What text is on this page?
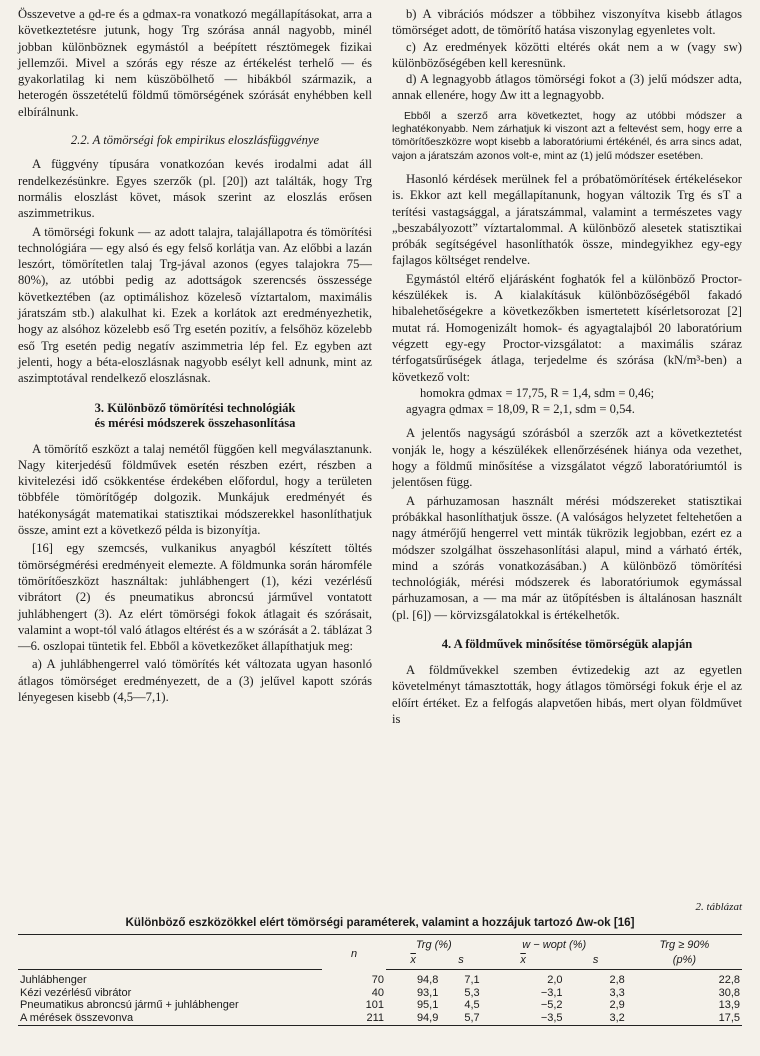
Összevetve a ϱd-re és a ϱdmax-ra vonatkozó megállapításokat, arra a következtetésre jutunk, hogy Trg szórása annál nagyobb, minél jobban különböznek egymástól a beépített résztömegek fizikai jellemzői. Mivel a szórás egy része az értékelést terhelő — és gyakorlatilag ki nem küszöbölhető — hibákból származik, a heterogén összetételű földmű tömörségének szórását enyhébben kell elbírálnunk.

2.2. A tömörségi fok empirikus eloszlásfüggvénye

A függvény típusára vonatkozóan kevés irodalmi adat áll rendelkezésünkre. Egyes szerzők (pl. [20]) azt találták, hogy Trg normális eloszlást követ, mások szerint az eloszlás erősen aszimmetrikus.

A tömörségi fokunk — az adott talajra, talajállapotra és tömörítési technológiára — egy alsó és egy felső korlátja van. Az előbbi a lazán leszórt, tömörítetlen talaj Trg-jával azonos (egyes talajokra 75—80%), az utóbbi pedig az adottságok szerencsés összessége következtében (az optimálishoz közelesõ víztartalom, maximális járatszám stb.) alakulhat ki. Ezek a korlátok azt eredményezhetik, hogy az alsóhoz közelebb eső Trg esetén pozitív, a felsőhöz közelebb eső Trg esetén pedig negatív aszimmetria lép fel. Ez egyben azt jelenti, hogy a béta-eloszlásnak nagyobb esélyt kell adnunk, mint az aszimptotával rendelkező eloszlásnak.

3. Különböző tömörítési technológiák
és mérési módszerek összehasonlítása

A tömörítő eszközt a talaj nemétől függően kell megválasztanunk. Nagy kiterjedésű földművek esetén részben ezért, részben a kivitelezési idő csökkentése érdekében előfordul, hogy a területen többféle tömörítőgép dolgozik. Munkájuk eredményét és hatékonyságát matematikai statisztikai módszerekkel hasonlíthatjuk össze, amint ezt a következő példa is bizonyítja.

[16] egy szemcsés, vulkanikus anyagból készített töltés tömörségmérési eredményeit elemezte. A földmunka során háromféle tömörítőeszközt használtak: juhlábhengert (1), kézi vezérlésű vibrátort (2) és pneumatikus abroncsú járművel vontatott juhlábhengert (3). Az elért tömörségi fokok átlagait és szórásait, valamint a wopt-tól való átlagos eltérést és a w szórását a 2. táblázat 3—6. oszlopai tüntetik fel. Ebből a következőket állapíthatjuk meg:

a) A juhlábhengerrel való tömörítés két változata ugyan hasonló átlagos tömörséget eredményezett, de a (3) jelűvel kapott szórás lényegesen kisebb (4,5—7,1).

b) A vibrációs módszer a többihez viszonyítva kisebb átlagos tömörséget adott, de tömörítő hatása viszonylag egyenletes volt.

c) Az eredmények közötti eltérés okát nem a w (vagy sw) különbözőségében kell keresnünk.

d) A legnagyobb átlagos tömörségi fokot a (3) jelű módszer adta, annak ellenére, hogy Δw itt a legnagyobb.

Ebből a szerző arra következtet, hogy az utóbbi módszer a leghatékonyabb. Nem zárhatjuk ki viszont azt a feltevést sem, hogy erre a tömörítőeszközre wopt kisebb a laboratóriumi értékénél, és arra sincs adat, vajon a járatszám azonos volt-e, mint az (1) jelű módszer esetében.

Hasonló kérdések merülnek fel a próbatömörítések értékelésekor is. Ekkor azt kell megállapítanunk, hogyan változik Trg és sT a terítési vastagsággal, a járatszámmal, valamint a természetes vagy „beszabályozott” víztartalommal. A különböző alesetek statisztikai próbák segítségével hasonlíthatók össze, mindegyikhez egy-egy fajlagos költséget rendelve.

Egymástól eltérő eljárásként foghatók fel a különböző Proctor-készülékek is. A kialakításuk különbözőségéből fakadó hibalehetőségekre a következőkben ismertetett kísérletsorozat [2] mutat rá. Homogenizált homok- és agyagtalajból 20 laboratórium végzett egy-egy Proctor-vizsgálatot: a maximális száraz térfogatsűrűségek átlaga, terjedelme és szórása (kN/m³-ben) a következő volt:

homokra ϱdmax = 17,75, R = 1,4, sdm = 0,46;

agyagra ϱdmax = 18,09, R = 2,1, sdm = 0,54.

A jelentős nagyságú szórásból a szerzők azt a következtetést vonják le, hogy a készülékek ellenőrzésének hiánya oda vezethet, hogy a földmű minősítése a vizsgálatot végző laboratóriumtól is jelentősen függ.

A párhuzamosan használt mérési módszereket statisztikai próbákkal hasonlíthatjuk össze. (A valóságos helyzetet feltehetően a nagy átmérőjű hengerrel vett minták tükrözik legjobban, ezért ez a módszer szolgálhat összehasonlítási alapul, mind a várható érték, mind a szórás vonatkozásában.) A különböző tömörítési technológiák, mérési módszerek és laboratóriumok egymással párhuzamosan, a — ma már az ütőpítésben is általánosan használt (pl. [6]) — körvizsgálatokkal is értékelhetők.

4. A földművek minősítése tömörségük alapján

A földművekkel szemben évtizedekig azt az egyetlen követelményt támasztották, hogy átlagos tömörségi fokuk érje el az előírt értéket. Ez a felfogás alapvetően hibás, mert olyan földművet is

2. táblázat
Különböző eszközökkel elért tömörségi paraméterek, valamint a hozzájuk tartozó Δw-ok [16]
	n	Trg (%)		w − wopt (%)		Trg ≥ 90%
		$\overline{x}$	s	$\overline{x}$	s	(p%)
Juhlábhenger	70	94,8	7,1	2,0	2,8	22,8
Kézi vezérlésű vibrátor	40	93,1	5,3	−3,1	3,3	30,8
Pneumatikus abroncsú jármű + juhlábhenger	101	95,1	4,5	−5,2	2,9	13,9
A mérések összevonva	211	94,9	5,7	−3,5	3,2	17,5
